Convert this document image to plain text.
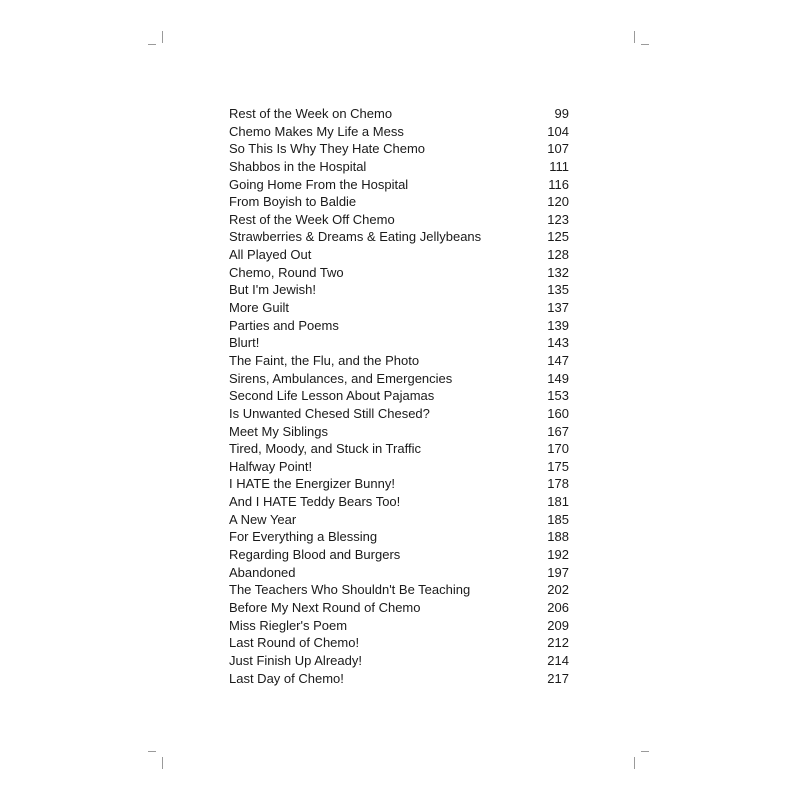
Rest of the Week on Chemo	99
Chemo Makes My Life a Mess	104
So This Is Why They Hate Chemo	107
Shabbos in the Hospital	111
Going Home From the Hospital	116
From Boyish to Baldie	120
Rest of the Week Off Chemo	123
Strawberries & Dreams & Eating Jellybeans	125
All Played Out	128
Chemo, Round Two	132
But I'm Jewish!	135
More Guilt	137
Parties and Poems	139
Blurt!	143
The Faint, the Flu, and the Photo	147
Sirens, Ambulances, and Emergencies	149
Second Life Lesson About Pajamas	153
Is Unwanted Chesed Still Chesed?	160
Meet My Siblings	167
Tired, Moody, and Stuck in Traffic	170
Halfway Point!	175
I HATE the Energizer Bunny!	178
And I HATE Teddy Bears Too!	181
A New Year	185
For Everything a Blessing	188
Regarding Blood and Burgers	192
Abandoned	197
The Teachers Who Shouldn't Be Teaching	202
Before My Next Round of Chemo	206
Miss Riegler's Poem	209
Last Round of Chemo!	212
Just Finish Up Already!	214
Last Day of Chemo!	217
